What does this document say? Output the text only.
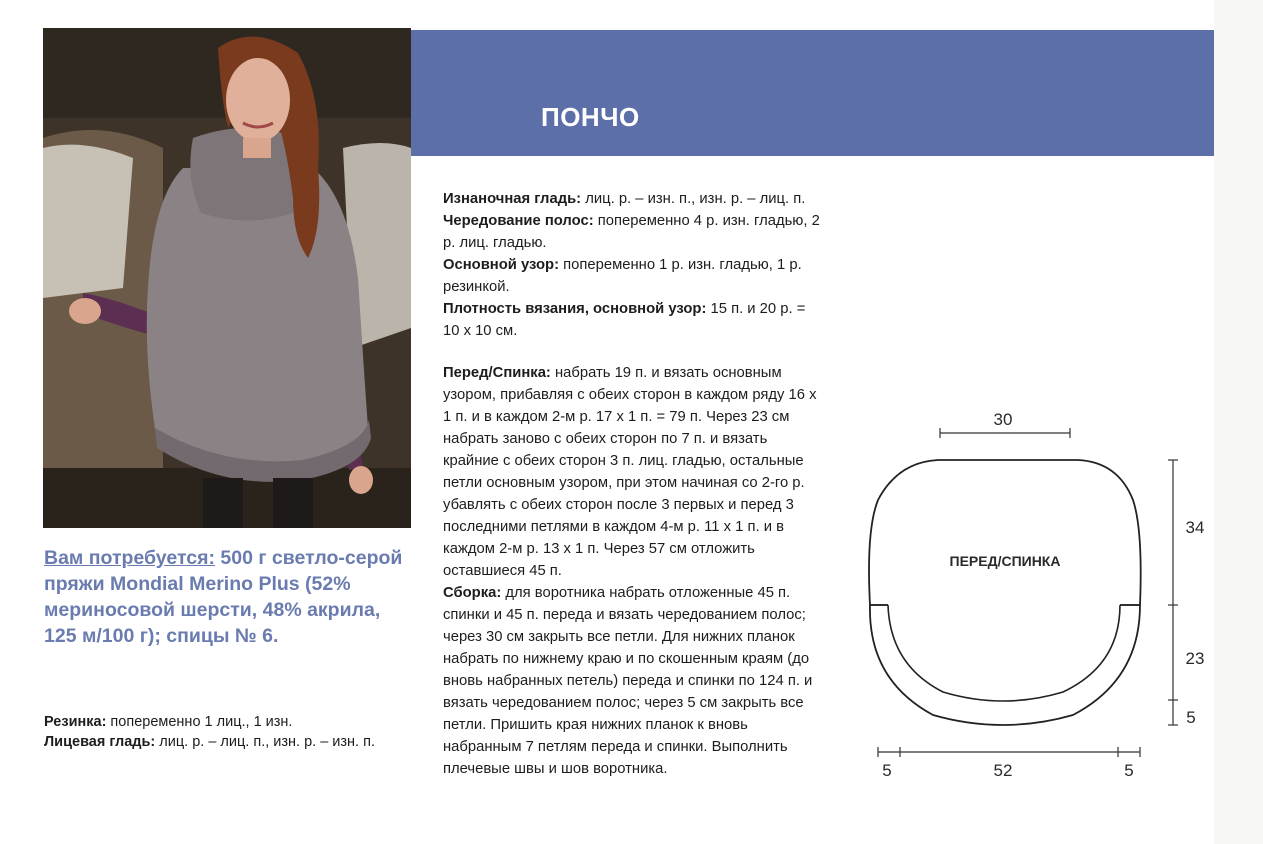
ПОНЧО
Вам потребуется: 500 г светло-серой пряжи Mondial Merino Plus (52% мериносовой шерсти, 48% акрила, 125 м/100 г); спицы № 6.

Резинка: попеременно 1 лиц., 1 изн.

Лицевая гладь: лиц. р. – лиц. п., изн. р. – изн. п.

Изнаночная гладь: лиц. р. – изн. п., изн. р. – лиц. п.

Чередование полос: попеременно 4 р. изн. гладью, 2 р. лиц. гладью.

Основной узор: попеременно 1 р. изн. гладью, 1 р. резинкой.

Плотность вязания, основной узор: 15 п. и 20 р. = 10 х 10 см.

Перед/Спинка: набрать 19 п. и вязать основным узором, прибавляя с обеих сторон в каждом ряду 16 х 1 п. и в каждом 2-м р. 17 х 1 п. = 79 п. Через 23 см набрать заново с обеих сторон по 7 п. и вязать крайние с обеих сторон 3 п. лиц. гладью, остальные петли основным узором, при этом начиная со 2-го р. убавлять с обеих сторон после 3 первых и перед 3 последними петлями в каждом 4-м р. 11 х 1 п. и в каждом 2-м р. 13 х 1 п. Через 57 см отложить оставшиеся 45 п.

Сборка: для воротника набрать отложенные 45 п. спинки и 45 п. переда и вязать чередованием полос; через 30 см закрыть все петли. Для нижних планок набрать по нижнему краю и по скошенным краям (до вновь набранных петель) переда и спинки по 124 п. и вязать чередованием полос; через 5 см закрыть все петли. Пришить края нижних планок к вновь набранным 7 петлям переда и спинки. Выполнить плечевые швы и шов воротника.

30
ПЕРЕД/СПИНКА
34
23
5
5	52	5
